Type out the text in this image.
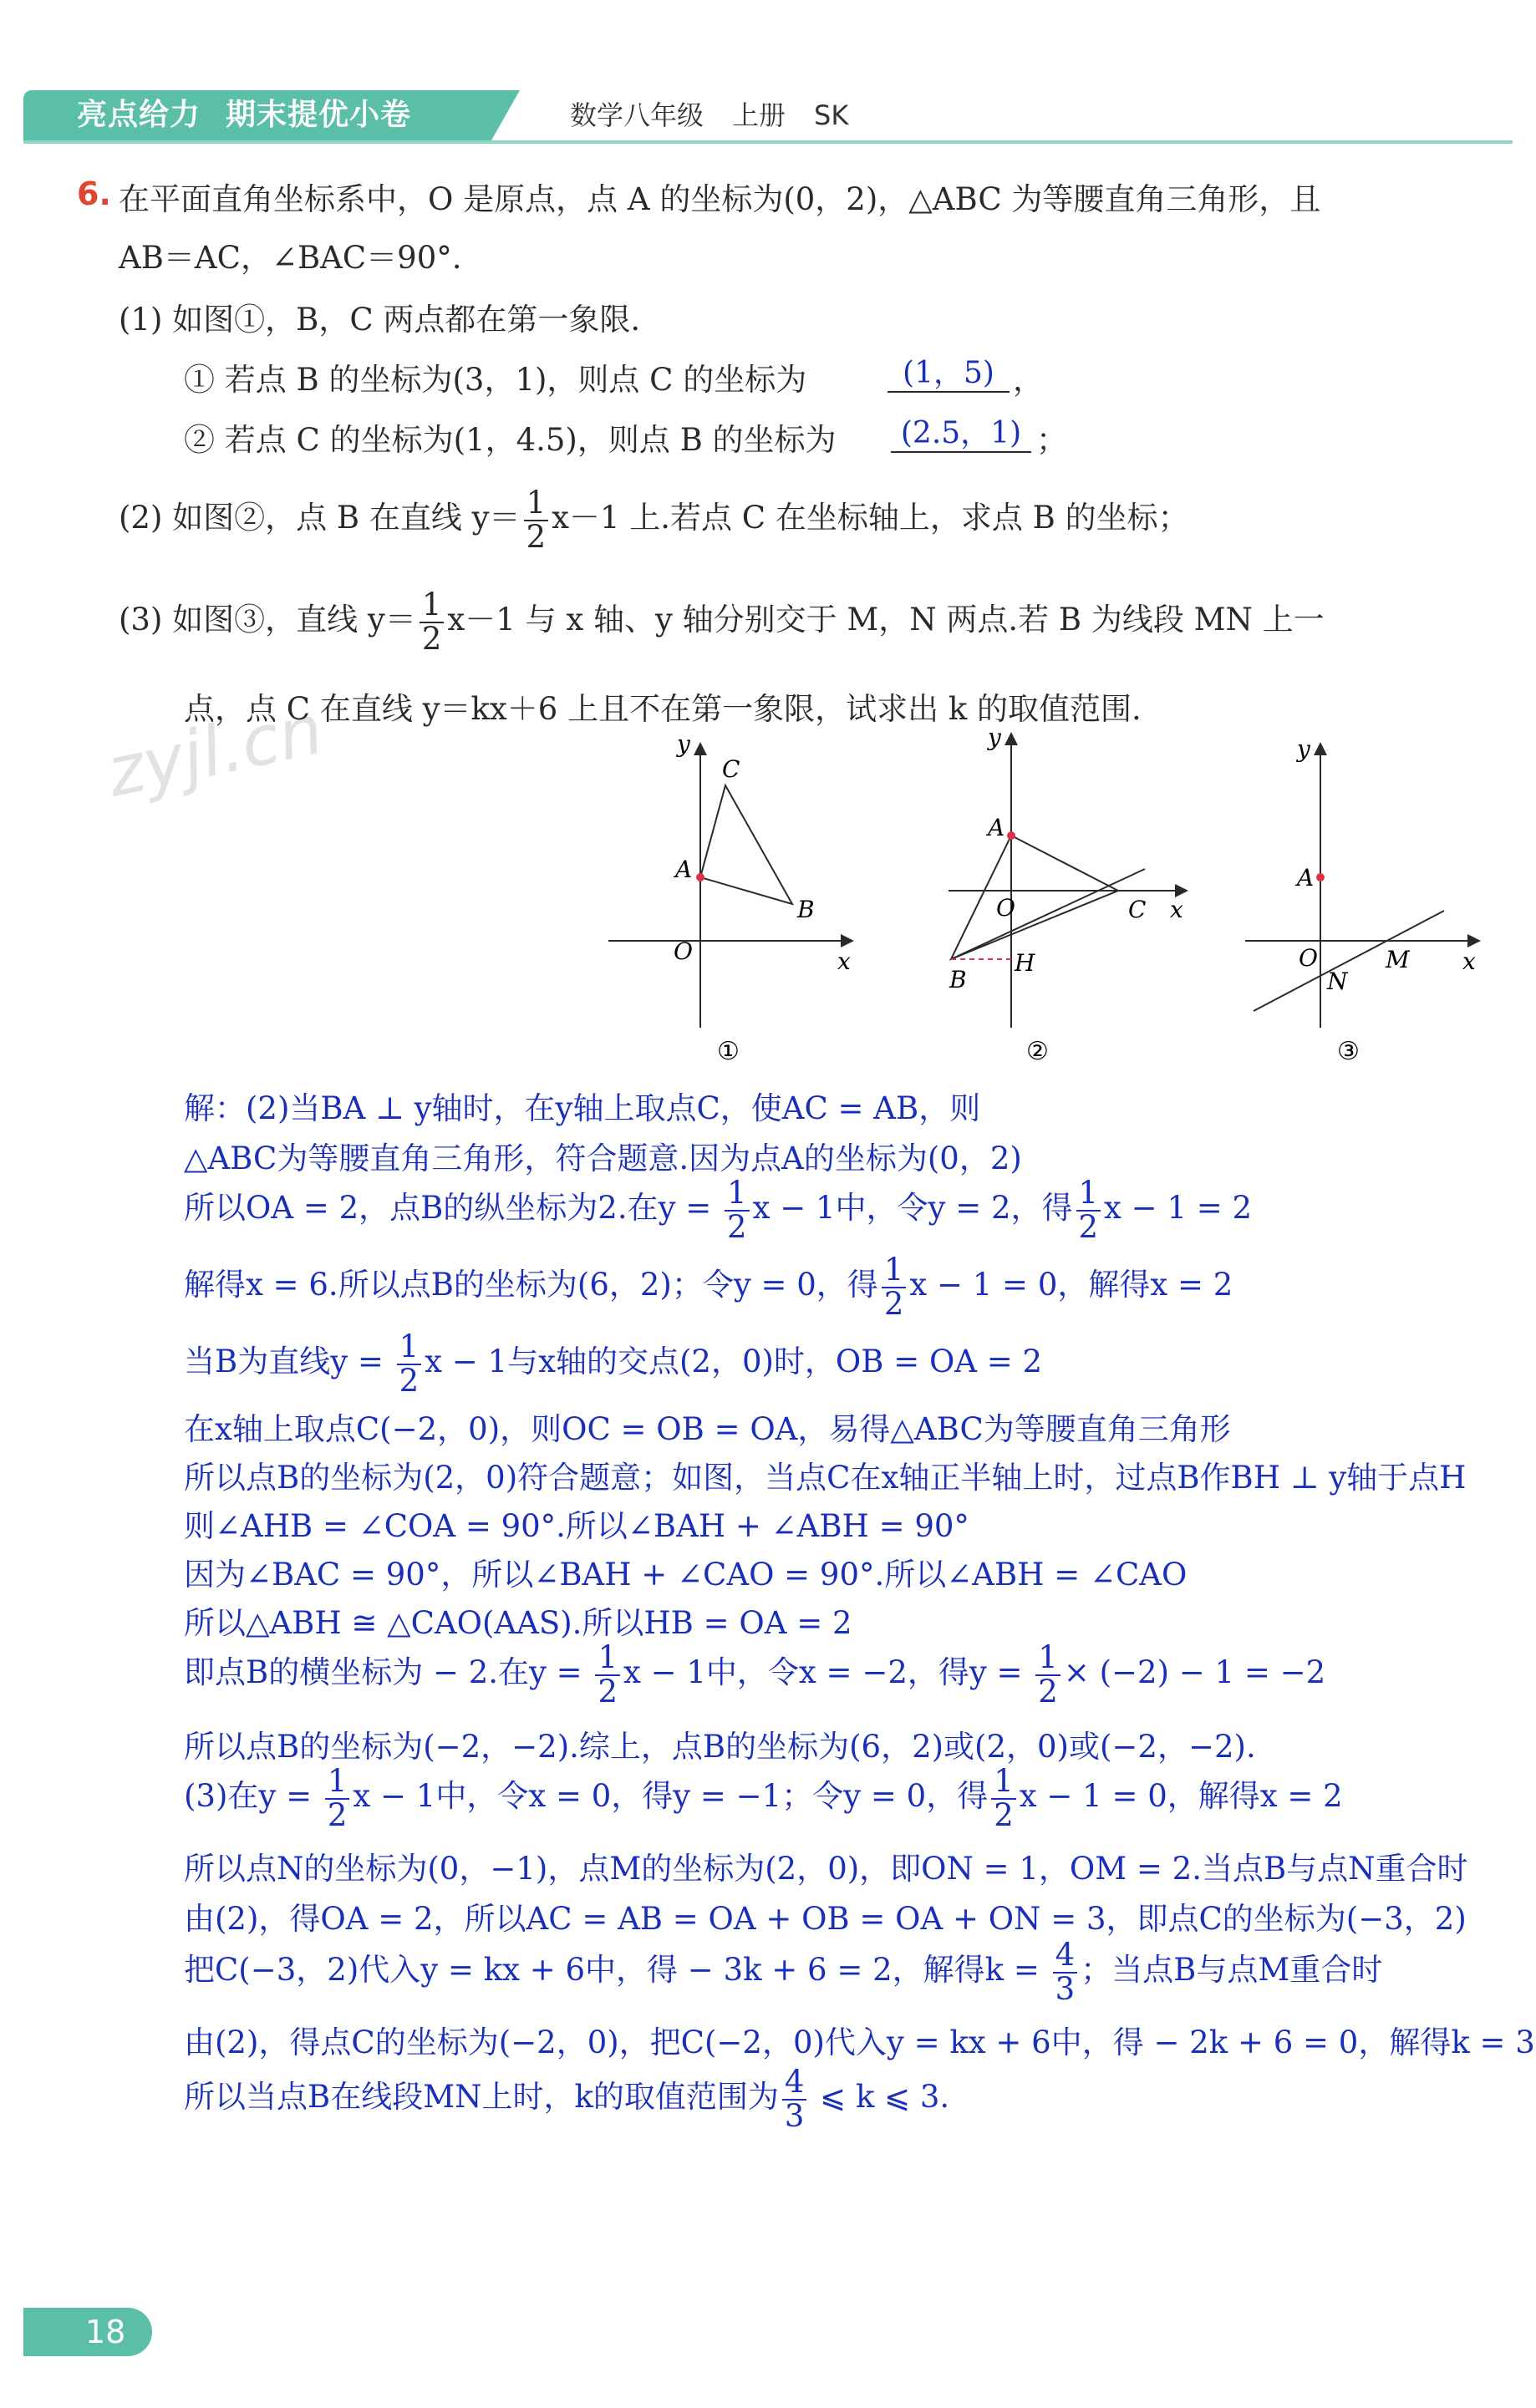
亮点给力 期末提优小卷	数学八年级 上册 SK
zyjl.cn
6. 在平面直角坐标系中，O 是原点，点 A 的坐标为(0，2)，△ABC 为等腰直角三角形，且
AB＝AC，∠BAC＝90°.
(1) 如图①，B，C 两点都在第一象限.
① 若点 B 的坐标为(3，1)，则点 C 的坐标为	(1，5) ，
② 若点 C 的坐标为(1，4.5)，则点 B 的坐标为	(2.5，1) ；
(2) 如图②，点 B 在直线 $y= \frac{1}{2} x-1$ 上.若点 C 在坐标轴上，求点 B 的坐标；
(3) 如图③，直线 $y= \frac{1}{2} x-1$ 与 x 轴、y 轴分别交于 M，N 两点.若 B 为线段 MN 上一
点，点 C 在直线 y＝kx＋6 上且不在第一象限，试求出 k 的取值范围.
y
x
O
A
B
C
①
y
x
O
A
B
C
H
②
y
x
O
A
M
N
③
解：(2)当BA ⊥ y轴时，在y轴上取点C，使AC = AB，则
△ABC为等腰直角三角形，符合题意.因为点A的坐标为(0，2)
所以OA = 2，点B的纵坐标为2.在$y = \frac{1}{2}$ x − 1中，令y = 2，得 $\frac{1}{2}$ x − 1 = 2
解得x = 6.所以点B的坐标为(6，2)；令y = 0，得 $\frac{1}{2}$ x − 1 = 0，解得x = 2
当B为直线$y = \frac{1}{2}$ x − 1与x轴的交点(2，0)时，OB = OA = 2
在x轴上取点C(−2，0)，则OC = OB = OA，易得△ABC为等腰直角三角形
所以点B的坐标为(2，0)符合题意；如图，当点C在x轴正半轴上时，过点B作BH ⊥ y轴于点H
则∠AHB = ∠COA = 90°.所以∠BAH + ∠ABH = 90°
因为∠BAC = 90°，所以∠BAH + ∠CAO = 90°.所以∠ABH = ∠CAO
所以△ABH ≅ △CAO(AAS).所以HB = OA = 2
即点B的横坐标为 − 2.在$y = \frac{1}{2}$ x − 1中，令x = −2，得$y = \frac{1}{2} \times (-2) - 1 = -2$
所以点B的坐标为(−2，−2).综上，点B的坐标为(6，2)或(2，0)或(−2，−2).
(3)在$y = \frac{1}{2}$ x − 1中，令x = 0，得y = −1；令y = 0，得 $\frac{1}{2}$ x − 1 = 0，解得x = 2
所以点N的坐标为(0，−1)，点M的坐标为(2，0)，即ON = 1，OM = 2.当点B与点N重合时
由(2)，得OA = 2，所以AC = AB = OA + OB = OA + ON = 3，即点C的坐标为(−3，2)
把C(−3，2)代入y = kx + 6中，得 − 3k + 6 = 2，解得$k = \frac{4}{3}$ ；当点B与点M重合时
由(2)，得点C的坐标为(−2，0)，把C(−2，0)代入y = kx + 6中，得 − 2k + 6 = 0，解得k = 3
所以当点B在线段MN上时，k的取值范围为 $\frac{4}{3}$ ⩽ k ⩽ 3.
18
